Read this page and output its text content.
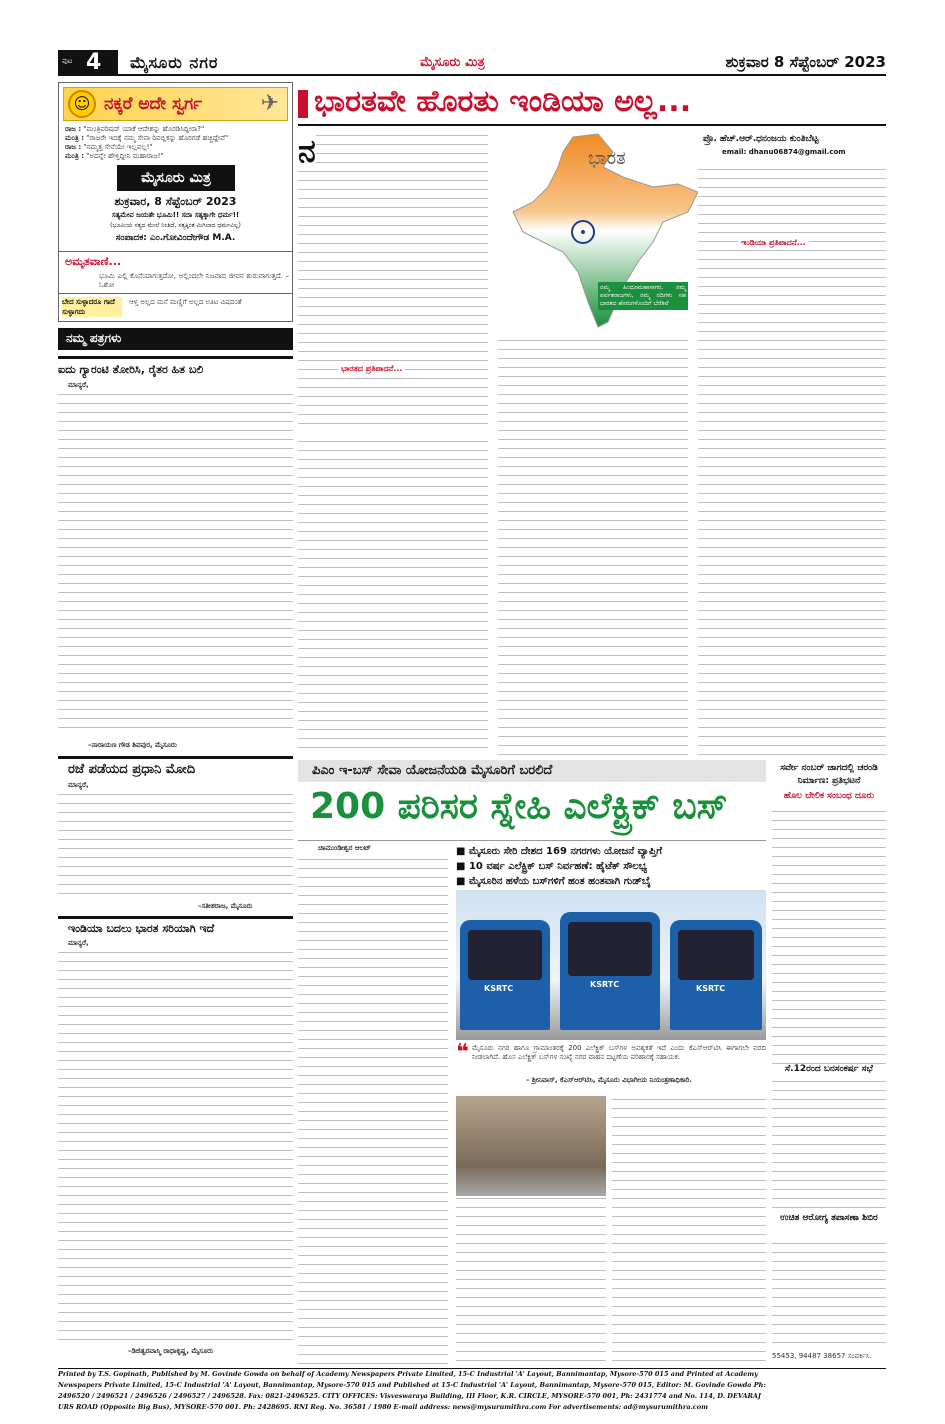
ಪುಟ 4 ಮೈಸೂರು ನಗರ	ಮೈಸೂರು ಮಿತ್ರ	ಶುಕ್ರವಾರ 8 ಸೆಪ್ಟೆಂಬರ್ 2023
☺ ನಕ್ಕರೆ ಅದೇ ಸ್ವರ್ಗ	✈
ರಾಜ : "ಮಂತ್ರಿಪರಿಷದ್ ಯಾಕೆ ಆದೇಶನ್ನು ಹೊರಡಿಸಿದ್ದೀರಾ?"
ಮಂತ್ರಿ : "ರಾಜರೇ ಇದಕ್ಕೆ ನಮ್ಮ ಸೇನಾ ರಿಪಬ್ಲಿಕನ್ನು ಹೊರಗಡೆ ಹಚ್ಚಿದ್ದೇವೆ"
ರಾಜ : "ನಮ್ಮತ್ತ ಸೇನೆಯೇ ಇಲ್ಲವಲ್ಲ!"
ಮಂತ್ರಿ : "ಅದನ್ನೇ ಹೇಳ್ತಿದ್ದೀನಿ ಮಹಾರಾಜ!"
ಮೈಸೂರು ಮಿತ್ರ
ಶುಕ್ರವಾರ, 8 ಸೆಪ್ಟೆಂಬರ್ 2023
ಸತ್ಯಮೇವ ಜಯತೇ ಭೂಮಿ!! ಸದಾ ಸತ್ಯಕ್ಕಾಗೇ ಧರ್ಮ!!
(ಭೂಮಿಯ ಸತ್ಯದ ಮೇಲೆ ನಿಂತಿದೆ, ಸತ್ಯಕ್ಕಿಂತ ಮಿಗಿಲಾದ ಧರ್ಮವಿಲ್ಲ)
ಸಂಪಾದಕ: ಎಂ.ಗೋವಿಂದೇಗೌಡ M.A.
ಅಮೃತವಾಣಿ...
ಭೂಮಿ ಎಲ್ಲಿ ಕೊನೆಯಾಗುತ್ತದೋ, ಅಲ್ಲಿಂದಲೇ ನಿಜವಾದ ಜೀವನ ಶುರುವಾಗುತ್ತದೆ. – ಓಶೋ
ಬೇದ ಸುಳ್ಳಾದರೂ ಗಾದೆ ಸುಳ್ಳಾಗದು
ಆಳ್ತ ಅಲ್ಲದ ಮನೆ ಮಣ್ಣಿಗೆ ಅಲ್ಲದ ಊಟ ವಿಷದಂತೆ
ನಮ್ಮ ಪತ್ರಗಳು
ಐದು ಗ್ಯಾರಂಟಿ ತೋರಿಸಿ, ರೈತರ ಹಿತ ಬಲಿ
ಮಾನ್ಯರೆ,
–ನಾರಾಯಣ ಗೌಡ ಶಿವಪುರ, ಮೈಸೂರು
ರಜೆ ಪಡೆಯದ ಪ್ರಧಾನಿ ಮೋದಿ
ಮಾನ್ಯರೆ,
–ಸತೀಶರಾಜ, ಮೈಸೂರು
ಇಂಡಿಯಾ ಬದಲು ಭಾರತ ಸರಿಯಾಗಿ ಇದೆ
ಮಾನ್ಯರೆ,
–ಡಿಜಿತ್ವರವಾಸ್ಮಿ ರಾಧಾಕೃಷ್ಣ, ಮೈಸೂರು
ಭಾರತವೇ ಹೊರತು ಇಂಡಿಯಾ ಅಲ್ಲ...
ನ
ಭಾರತದ ಪ್ರತಿಪಾದನೆ...
ಭಾರತ
ನಮ್ಮ ಹಿಂದೂಮಹಾಸಾಗರ, ನಮ್ಮ ಪರ್ವತರಾಜಗಳು, ನಮ್ಮ ನದಿಗಳು ಸಹ ಭಾರತದ ಹೆಸರುಗಳೊಂದಿಗೆ ಬೆರೆತಿವೆ
ಪ್ರೊ. ಹೆಚ್.ಆರ್.ಧನಂಜಯ ಕುಂತಿಬೆಟ್ಟ
email: dhanu06874@gmail.com
ಇಂಡಿಯಾ ಪ್ರತಿಪಾದನೆ...
ಪಿಎಂ ಇ-ಬಸ್ ಸೇವಾ ಯೋಜನೆಯಡಿ ಮೈಸೂರಿಗೆ ಬರಲಿದೆ
200 ಪರಿಸರ ಸ್ನೇಹಿ ಎಲೆಕ್ಟ್ರಿಕ್ ಬಸ್
ಚಾಮುಂಡೀಶ್ವರ ಆಲಟ್	■ ಮೈಸೂರು ಸೇರಿ ದೇಶದ 169 ನಗರಗಳು ಯೋಜನೆ ವ್ಯಾಪ್ತಿಗೆ
■ 10 ವರ್ಷ ಎಲೆಕ್ಟ್ರಿಕ್ ಬಸ್ ನಿರ್ವಹಣೆ: ಹೈಟೆಕ್ ಸೌಲಭ್ಯ
■ ಮೈಸೂರಿನ ಹಳೆಯ ಬಸ್‌ಗಳಿಗೆ ಹಂತ ಹಂತವಾಗಿ ಗುಡ್‌ಬೈ
KSRTC	KSRTC	KSRTC
❝ ಮೈಸೂರು ನಗರ ಹಾಗೂ ಗ್ರಾಮಾಂತರಕ್ಕೆ 200 ಎಲೆಕ್ಟ್ರಿಕ್ ಬಸ್‌ಗಳ ಅವಶ್ಯಕತೆ ಇದೆ ಎಂದು ಕೆಎಸ್‌ಆರ್‌ಟಿಸಿ ಈಗಾಗಲೇ ವರದಿ ನೀಡಲಾಗಿದೆ. ಹೊಸ ಎಲೆಕ್ಟ್ರಿಕ್ ಬಸ್‌ಗಳ ಸಂಖ್ಯೆ ನಗರ ವಾಹನ ದಟ್ಟಣೆಯ ಪರಿಹಾರಕ್ಕೆ ಸಹಾಯಕ.
– ಶ್ರೀನಿವಾಸ್, ಕೆಎಸ್‌ಆರ್‌ಟಿಸಿ, ಮೈಸೂರು ವಿಭಾಗೀಯ ನಿಯಂತ್ರಣಾಧಿಕಾರಿ.
ಸರ್ವೇ ನಂಬರ್ ಜಾಗದಲ್ಲಿ ಚರಂಡಿ ನಿರ್ಮಾಣ: ಪ್ರತಿಭಟನೆ
ಹೊಲ ಬೇಲಿಕ ಸಂಬಂಧ ದೂರು
ಸೆ.12ರಂದ ಬನಸಂಕರ್ಷ ಸಭೆ
ಉಚಿತ ಆರೋಗ್ಯ ತಪಾಸಣಾ ಶಿಬಿರ
55453, 94487 38657 ಸಂಪರ್ಕಿಸಿ.
Printed by T.S. Gopinath, Published by M. Govinde Gowda on behalf of Academy Newspapers Private Limited, 15-C Industrial 'A' Layout, Bannimantap, Mysore-570 015 and Printed at Academy
Newspapers Private Limited, 15-C Industrial 'A' Layout, Bannimantap, Mysore-570 015 and Published at 15-C Industrial 'A' Layout, Bannimantap, Mysore-570 015, Editor: M. Govinde Gowda Ph:
2496520 / 2496521 / 2496526 / 2496527 / 2496528. Fax: 0821-2496525. CITY OFFICES: Visveswaraya Building, III Floor, K.R. CIRCLE, MYSORE-570 001, Ph: 2431774 and No. 114, D. DEVARAJ
URS ROAD (Opposite Big Bus), MYSORE-570 001. Ph: 2428695. RNI Reg. No. 36581 / 1980 E-mail address: news@mysurumithra.com For advertisements: ad@mysurumithra.com
